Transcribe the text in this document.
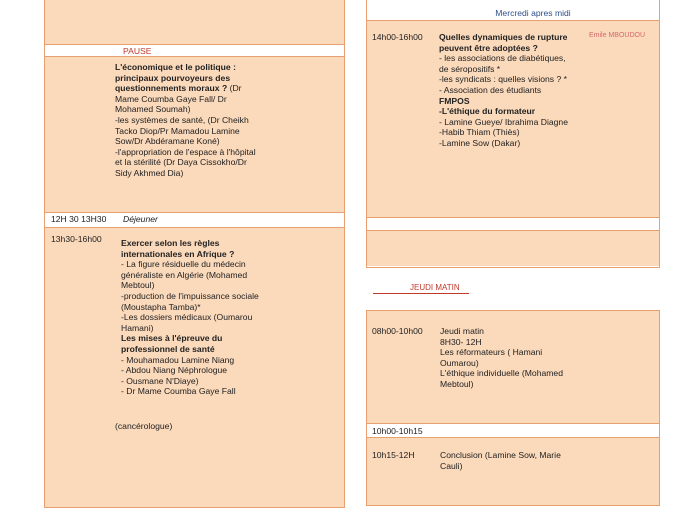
PAUSE
L'économique et le politique :
principaux pourvoyeurs des
questionnements moraux ? (Dr
Mame Coumba Gaye Fall/ Dr
Mohamed Soumah)
-les systèmes de santé, (Dr Cheikh
Tacko Diop/Pr Mamadou Lamine
Sow/Dr Abdéramane Koné)
-l'appropriation de l'espace à l'hôpital
et la stérilité (Dr Daya Cissokho/Dr
Sidy Akhmed Dia)
12H 30 13H30 Déjeuner
13h30-16h00 Exercer selon les règles
internationales en Afrique ?
- La figure résiduelle du médecin
généraliste en Algérie (Mohamed
Mebtoul)
-production de l'impuissance sociale
(Moustapha Tamba)*
-Les dossiers médicaux (Oumarou
Hamani)
Les mises à l'épreuve du
professionnel de santé
- Mouhamadou Lamine Niang
- Abdou Niang Néphrologue
- Ousmane N'Diaye)
- Dr Mame Coumba Gaye Fall
(cancérologue)
Mercredi apres midi
14h00-16h00	Emile MBOUDOU
Quelles dynamiques de rupture
peuvent être adoptées ?
- les associations de diabétiques,
de séropositifs *
-les syndicats : quelles visions ? *
- Association des étudiants
FMPOS
-L'éthique du formateur
- Lamine Gueye/ Ibrahima Diagne
-Habib Thiam (Thiès)
-Lamine Sow (Dakar)
JEUDI MATIN
08h00-10h00 Jeudi matin
8H30- 12H
Les réformateurs ( Hamani
Oumarou)
L'éthique individuelle (Mohamed
Mebtoul)
10h00-10h15
10h15-12H	Conclusion (Lamine Sow, Marie
Cauli)
